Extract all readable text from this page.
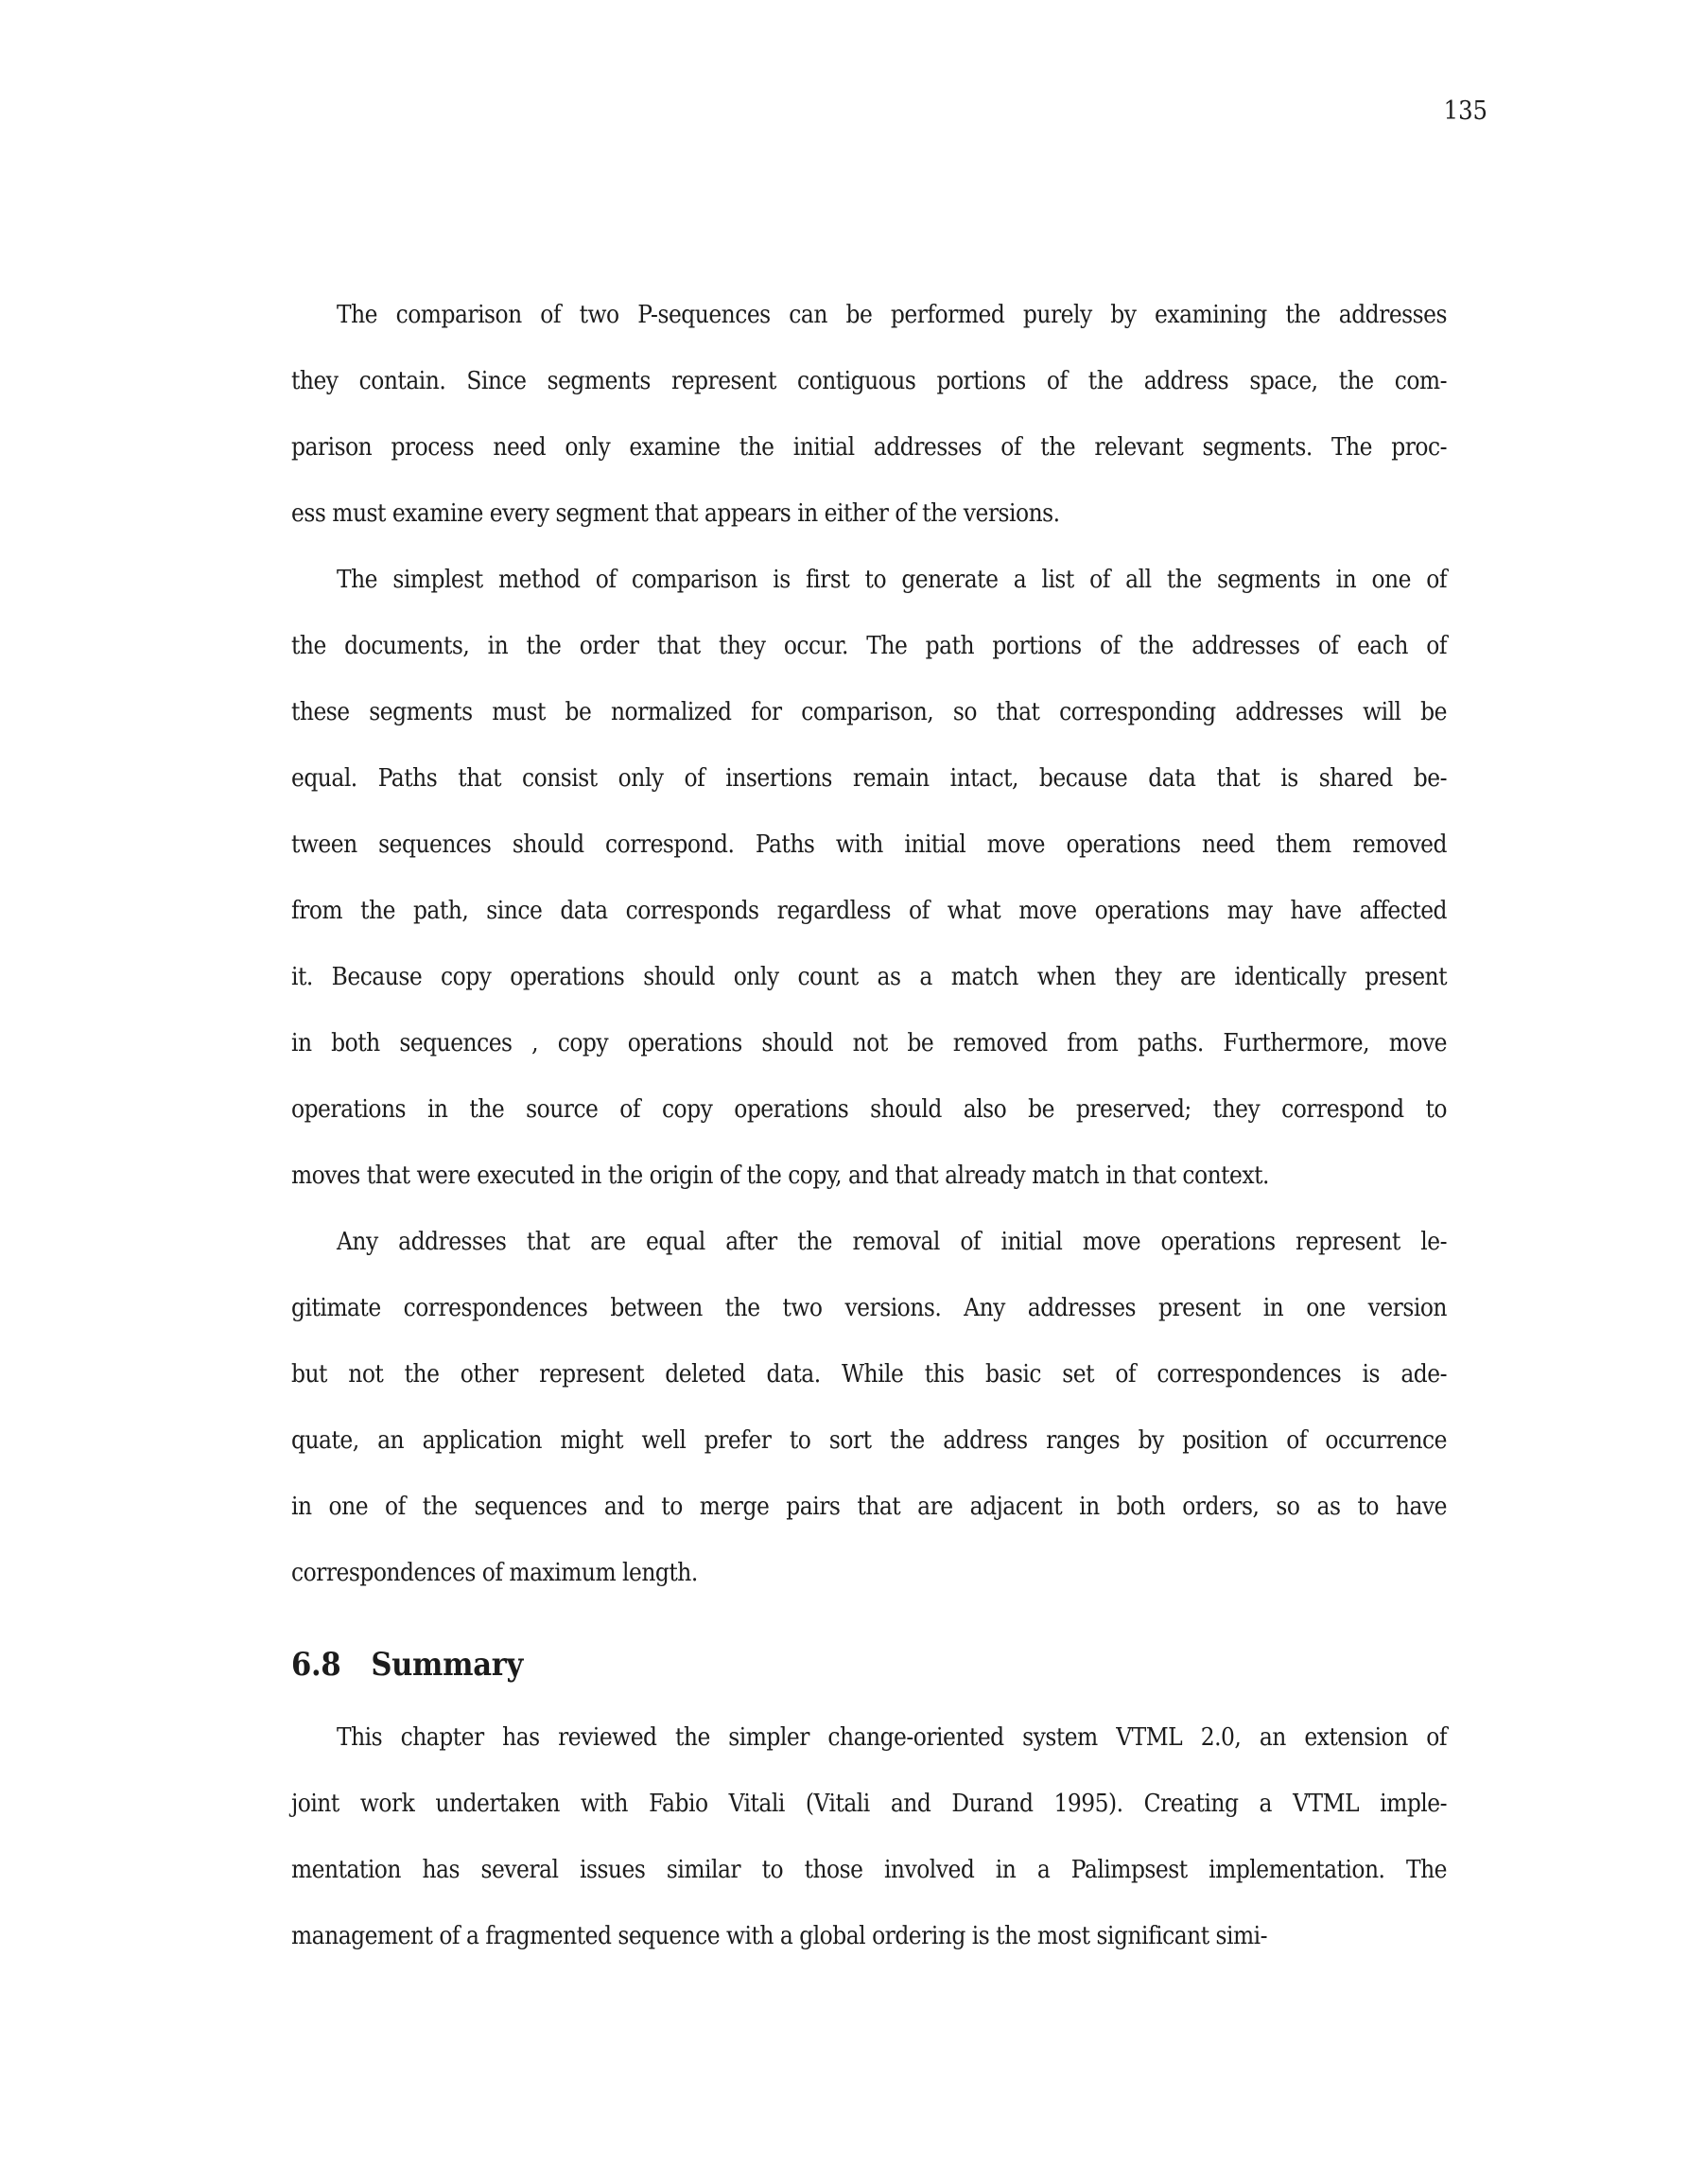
135
The comparison of two P-sequences can be performed purely by examining the addresses
they contain. Since segments represent contiguous portions of the address space, the com-
parison process need only examine the initial addresses of the relevant segments. The proc-
ess must examine every segment that appears in either of the versions.
The simplest method of comparison is first to generate a list of all the segments in one of
the documents, in the order that they occur. The path portions of the addresses of each of
these segments must be normalized for comparison, so that corresponding addresses will be
equal. Paths that consist only of insertions remain intact, because data that is shared be-
tween sequences should correspond. Paths with initial move operations need them removed
from the path, since data corresponds regardless of what move operations may have affected
it. Because copy operations should only count as a match when they are identically present
in both sequences , copy operations should not be removed from paths. Furthermore, move
operations in the source of copy operations should also be preserved; they correspond to
moves that were executed in the origin of the copy, and that already match in that context.
Any addresses that are equal after the removal of initial move operations represent le-
gitimate correspondences between the two versions. Any addresses present in one version
but not the other represent deleted data. While this basic set of correspondences is ade-
quate, an application might well prefer to sort the address ranges by position of occurrence
in one of the sequences and to merge pairs that are adjacent in both orders, so as to have
correspondences of maximum length.
6.8 Summary
This chapter has reviewed the simpler change-oriented system VTML 2.0, an extension of
joint work undertaken with Fabio Vitali (Vitali and Durand 1995). Creating a VTML imple-
mentation has several issues similar to those involved in a Palimpsest implementation. The
management of a fragmented sequence with a global ordering is the most significant simi-
